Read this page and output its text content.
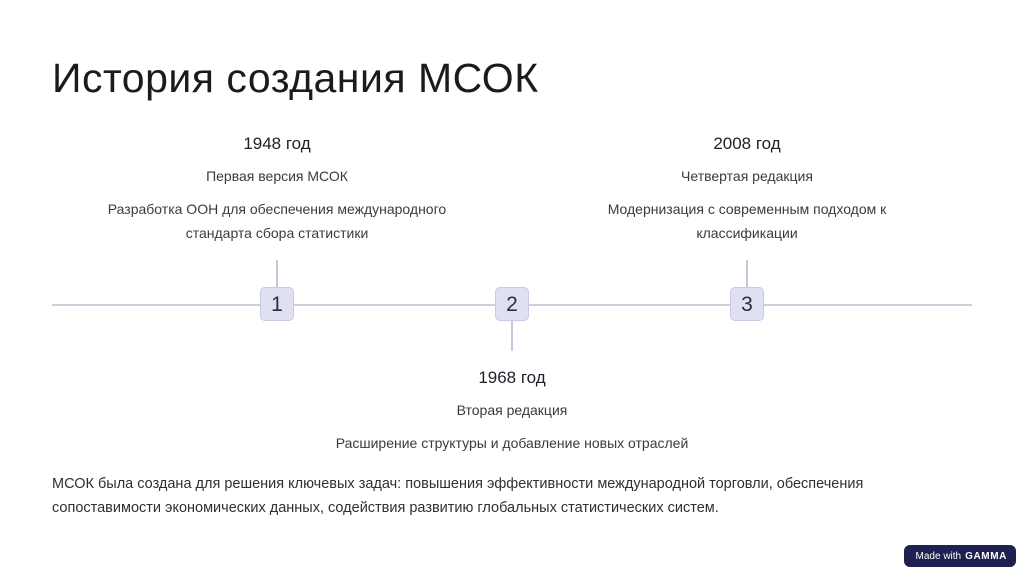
История создания МСОК
1
1948 год
Первая версия МСОК
Разработка ООН для обеспечения международного стандарта сбора статистики
2
1968 год
Вторая редакция
Расширение структуры и добавление новых отраслей
3
2008 год
Четвертая редакция
Модернизация с современным подходом к классификации

МСОК была создана для решения ключевых задач: повышения эффективности международной торговли, обеспечения сопоставимости экономических данных, содействия развитию глобальных статистических систем.

Made with GAMMA
